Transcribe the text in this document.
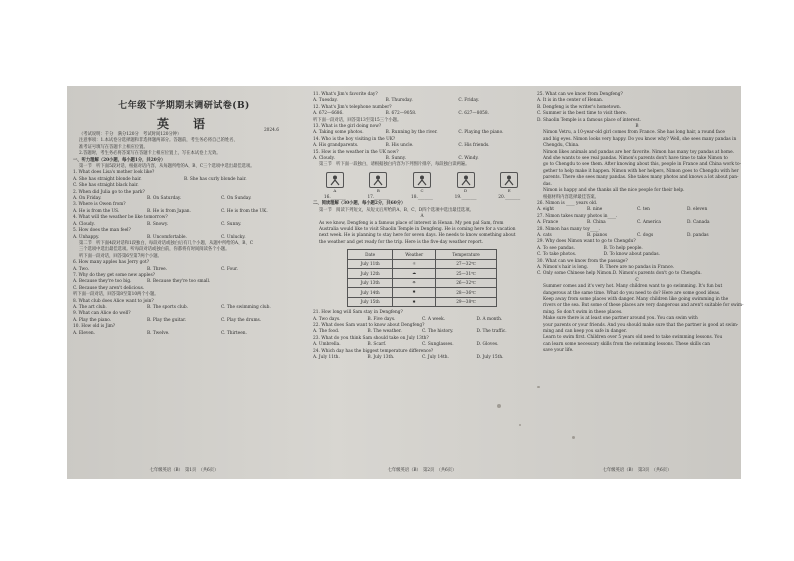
七年级下学期期末调研试卷(B)
英　语	2024.6
（考试说明：千分　满分120分　考试时间120分钟）
注意事项：1.本试卷分选择题和非选择题两部分。答题前，考生务必将自己的姓名、
准考证号填写在答题卡上相应位置。
2.答题时，考生务必将答案写在答题卡上相应位置上，写在本试卷上无效。
一、听力理解（20小题，每小题1分，共20分）
第一节　听下面5段对话，根据对话内容，从每题所给的A、B、C三个选项中选出最佳选项。
1. What does Lisa's mother look like?
A. She has straight blonde hair.	B. She has curly blonde hair.
C. She has straight black hair.
2. When did Julia go to the park?
A. On Friday.	B. On Saturday.	C. On Sunday.
3. Where is Owen from?
A. He is from the US.	B. He is from Japan.	C. He is from the UK.
4. What will the weather be like tomorrow?
A. Cloudy.	B. Snowy.	C. Sunny.
5. How does the man feel?
A. Unhappy.	B. Uncomfortable.	C. Unlucky.
第二节　听下面4段对话和1段独白，每段对话或独白后有几个小题，从题中所给的A、B、C
三个选项中选出最佳选项。听每段对话或独白前，你都将有时间阅读各个小题。
听下面一段对话，回答第6至第7两个小题。
6. How many apples has Jerry got?
A. Two.	B. Three.	C. Four.
7. Why do they get some new apples?
A. Because they're too big.	B. Because they're too small.
C. Because they aren't delicious.
听下面一段对话，回答第8至第10两个小题。
8. What club does Alice want to join?
A. The art club.	B. The sports club.	C. The swimming club.
9. What can Alice do well?
A. Play the piano.	B. Play the guitar.	C. Play the drums.
10. How old is Jim?
A. Eleven.	B. Twelve.	C. Thirteen.
七年级英语（B）　第1页　（共6页）
11. What's Jim's favorite day?
A. Tuesday.	B. Thursday.	C. Friday.
12. What's Jim's telephone number?
A. 672—6686.	B. 672—9058.	C. 627—8058.
听下面一段对话，回答第13至第15三个小题。
13. What is the girl doing now?
A. Taking some photos.	B. Running by the river.	C. Playing the piano.
14. Who is the boy visiting in the UK?
A. His grandparents.	B. His uncle.	C. His friends.
15. How is the weather in the UK now?
A. Cloudy.	B. Sunny.	C. Windy.
第三节　听下面一段独白，请根据独白内容为下列图片排序，每段独白读两遍。
A	B	C	D	E
16._______	17._______	18._______	19._______	20._______
二、阅读理解（30小题，每小题2分，共60分）
第一节　阅读下列短文，从短文后所给的A、B、C、D四个选项中选出最佳选项。
A
As we know, Dengfeng is a famous place of interest in Henan. My pen pal Sam, from
Australia would like to visit Shaolin Temple in Dengfeng. He is coming here for a vacation
next week. He is planning to stay here for seven days. He needs to know something about
the weather and get ready for the trip. Here is the five-day weather report.
Date	Weather	Temperature
July 11th	☼	27—32℃
July 12th	☁	25—31℃
July 13th	☂	26—32℃
July 14th	✹	28—36℃
July 15th	✹	29—38℃
21. How long will Sam stay in Dengfeng?
A. Two days.	B. Five days.	C. A week.	D. A month.
22. What does Sam want to know about Dengfeng?
A. The food.	B. The weather.	C. The history.	D. The traffic.
23. What do you think Sam should take on July 13th?
A. Umbrella.	B. Scarf.	C. Sunglasses.	D. Gloves.
24. Which day has the biggest temperature difference?
A. July 11th.	B. July 13th.	C. July 14th.	D. July 15th.
七年级英语（B）　第2页　（共6页）
25. What can we know from Dengfeng?
A. It is in the center of Henan.
B. Dengfeng is the writer's hometown.
C. Summer is the best time to visit there.
D. Shaolin Temple is a famous place of interest.
B
Nimon Vetru, a 10-year-old girl comes from France. She has long hair, a round face
and big eyes. Nimon looks very happy. Do you know why? Well, she sees many pandas in
Chengdu, China.
Nimon likes animals and pandas are her favorite. Nimon has many toy pandas at home.
And she wants to see real pandas. Nimon's parents don't have time to take Nimon to
go to Chengdu to see them. After knowing about this, people in France and China work to-
gether to help make it happen. Nimon with her helpers, Nimon goes to Chengdu with her
parents. There she sees many pandas. She takes many photos and knows a lot about pan-
das.
Nimon is happy and she thanks all the nice people for their help.
根据材料内容选择最佳答案。
26. Nimon is ____ years old.
A. eight	B. nine	C. ten	D. eleven
27. Nimon takes many photos in____.
A. France	B. China	C. America	D. Canada
28. Nimon has many toy____.
A. cats	B. pianos	C. dogs	D. pandas
29. Why does Nimon want to go to Chengdu?
A. To see pandas.	B. To help people.
C. To take photos.	D. To know about pandas.
30. What can we know from the passage?
A. Nimon's hair is long.	B. There are no pandas in France.
C. Only some Chinese help Nimon. D. Nimon's parents don't go to Chengdu.
C
Summer comes and it's very hot. Many children want to go swimming. It's fun but
dangerous at the same time. What do you need to do? Here are some good ideas.
Keep away from some places with danger. Many children like going swimming in the
rivers or the sea. But some of these places are very dangerous and aren't suitable for swim-
ming. So don't swim in these places.
Make sure there is at least one partner around you. You can swim with
your parents or your friends. And you should make sure that the partner is good at swim-
ming and can keep you safe in danger.
Learn to swim first. Children over 5 years old need to take swimming lessons. You
can learn some necessary skills from the swimming lessons. These skills can
save your life.
七年级英语（B）　第3页　（共6页）
